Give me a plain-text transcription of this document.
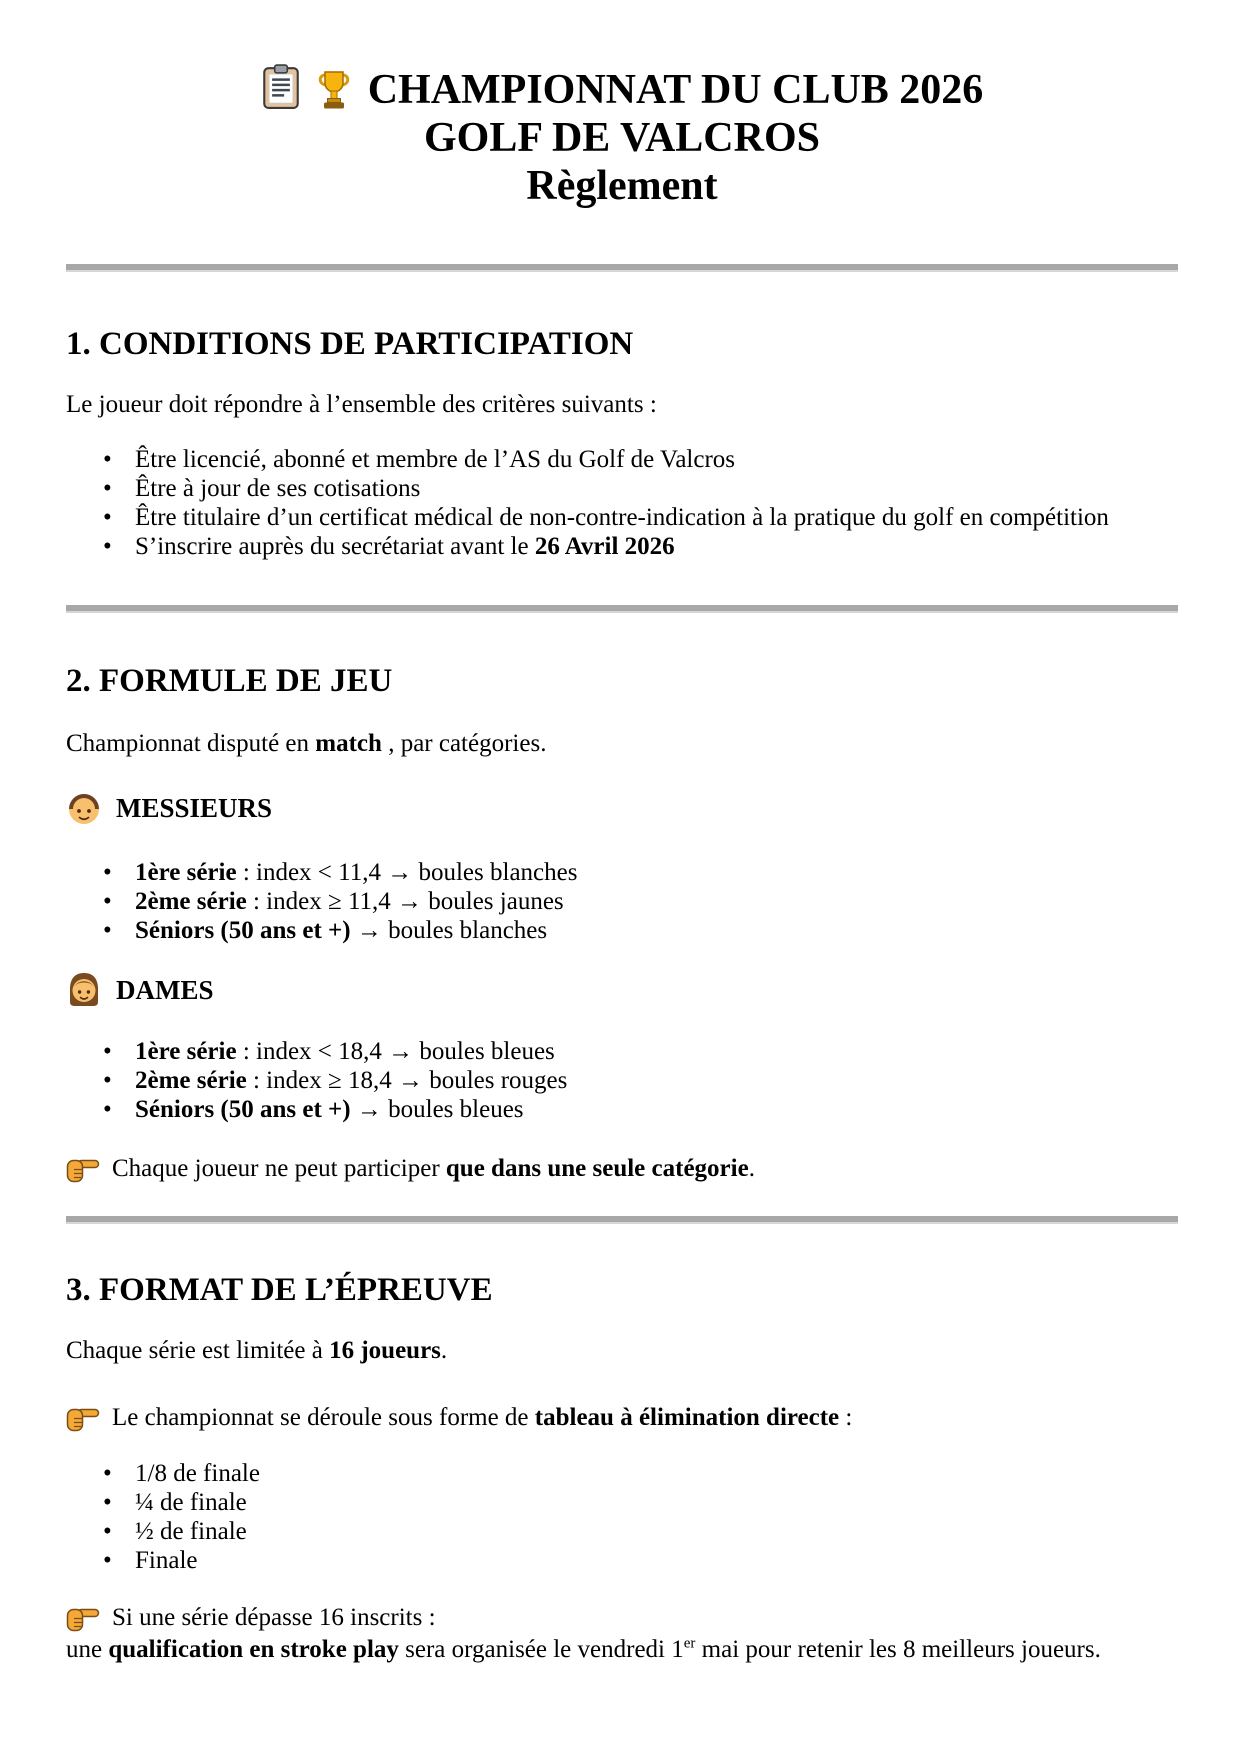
CHAMPIONNAT DU CLUB 2026
GOLF DE VALCROS
Règlement
1. CONDITIONS DE PARTICIPATION

Le joueur doit répondre à l’ensemble des critères suivants :

• Être licencié, abonné et membre de l’AS du Golf de Valcros
• Être à jour de ses cotisations
• Être titulaire d’un certificat médical de non-contre-indication à la pratique du golf en compétition
• S’inscrire auprès du secrétariat avant le 26 Avril 2026
2. FORMULE DE JEU

Championnat disputé en match , par catégories.

MESSIEURS
• 1ère série : index < 11,4 → boules blanches
• 2ème série : index ≥ 11,4 → boules jaunes
• Séniors (50 ans et +) → boules blanches
DAMES
• 1ère série : index < 18,4 → boules bleues
• 2ème série : index ≥ 18,4 → boules rouges
• Séniors (50 ans et +) → boules bleues

Chaque joueur ne peut participer que dans une seule catégorie.

3. FORMAT DE L’ÉPREUVE

Chaque série est limitée à 16 joueurs.

Le championnat se déroule sous forme de tableau à élimination directe :

• 1/8 de finale
• ¼ de finale
• ½ de finale
• Finale

Si une série dépasse 16 inscrits :

une qualification en stroke play sera organisée le vendredi 1er mai pour retenir les 8 meilleurs joueurs.
